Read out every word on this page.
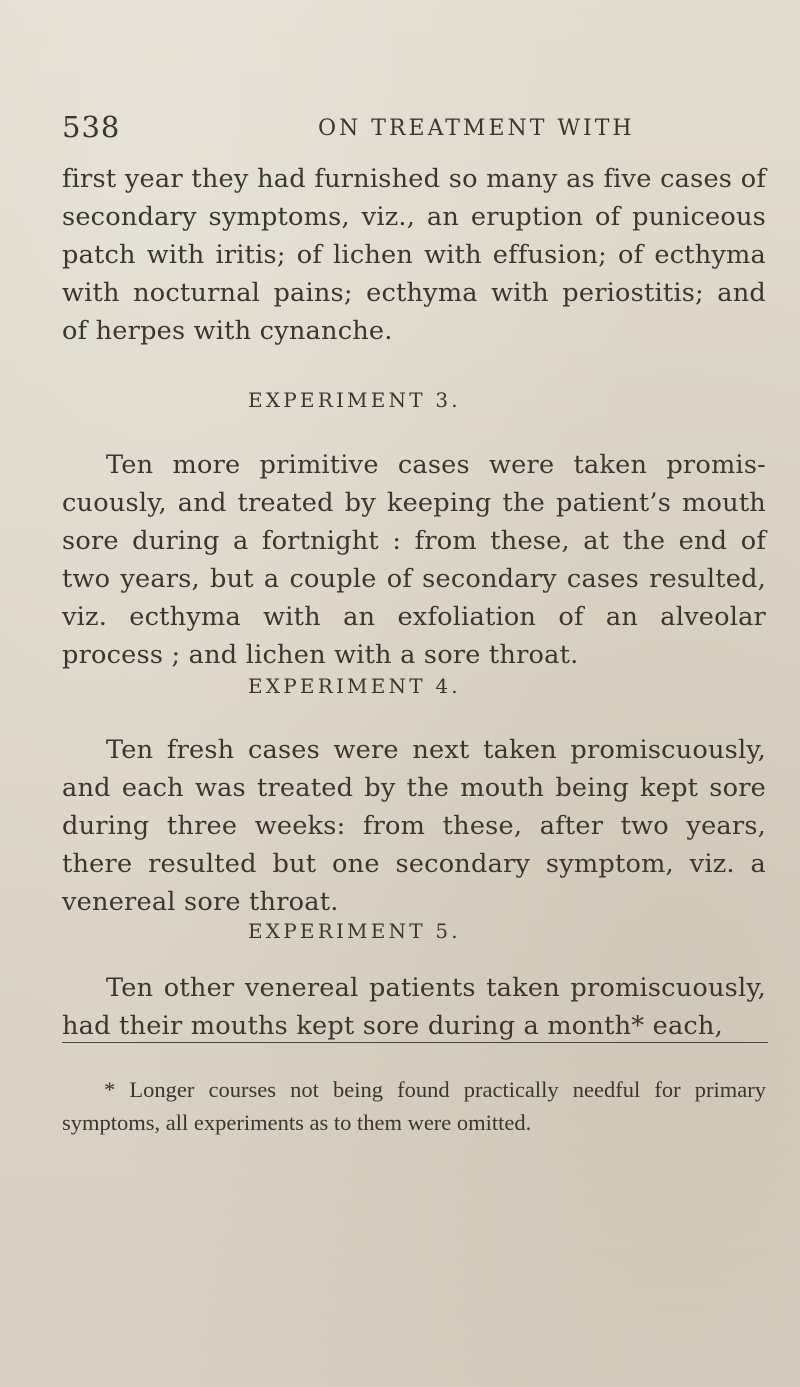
538	ON TREATMENT WITH

first year they had furnished so many as five cases of secondary symptoms, viz., an eruption of puniceous patch with iritis; of lichen with effusion; of ecthyma with nocturnal pains; ecthyma with periostitis; and of herpes with cynanche.

EXPERIMENT 3.

Ten more primitive cases were taken promis-cuously, and treated by keeping the patient’s mouth sore during a fortnight : from these, at the end of two years, but a couple of secondary cases resulted, viz. ecthyma with an exfoliation of an alveolar process ; and lichen with a sore throat.

EXPERIMENT 4.

Ten fresh cases were next taken promiscuously, and each was treated by the mouth being kept sore during three weeks: from these, after two years, there resulted but one secondary symptom, viz. a venereal sore throat.

EXPERIMENT 5.

Ten other venereal patients taken promiscuously, had their mouths kept sore during a month* each,

* Longer courses not being found practically needful for primary symptoms, all experiments as to them were omitted.
